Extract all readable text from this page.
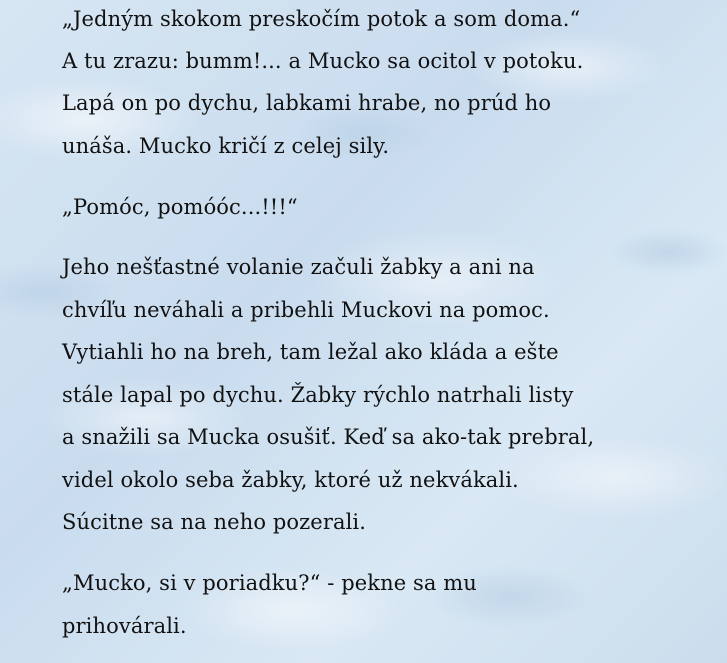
„Jedným skokom preskočím potok a som doma.“

A tu zrazu: bumm!... a Mucko sa ocitol v potoku.

Lapá on po dychu, labkami hrabe, no prúd ho

unáša. Mucko kričí z celej sily.

„Pomóc, pomóóc...!!!“

Jeho nešťastné volanie začuli žabky a ani na

chvíľu neváhali a pribehli Muckovi na pomoc.

Vytiahli ho na breh, tam ležal ako kláda a ešte

stále lapal po dychu. Žabky rýchlo natrhali listy

a snažili sa Mucka osušiť. Keď sa ako-tak prebral,

videl okolo seba žabky, ktoré už nekvákali.

Súcitne sa na neho pozerali.

„Mucko, si v poriadku?“ - pekne sa mu

prihovárali.
